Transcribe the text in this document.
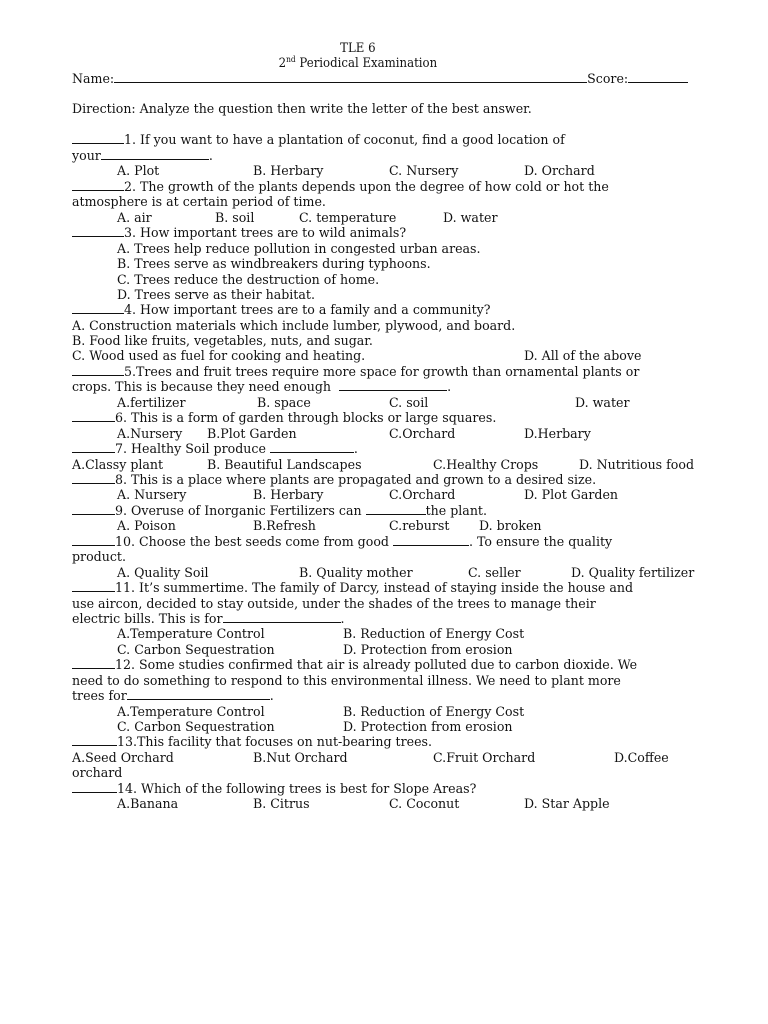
TLE 6
2nd Periodical Examination
Name:	Score:
Direction: Analyze the question then write the letter of the best answer.
1. If you want to have a plantation of coconut, find a good location of
your	.
A. Plot	B. Herbary	C. Nursery	D. Orchard
2. The growth of the plants depends upon the degree of how cold or hot the
atmosphere is at certain period of time.
A. air	B. soil	C. temperature	D. water
3. How important trees are to wild animals?
A. Trees help reduce pollution in congested urban areas.
B. Trees serve as windbreakers during typhoons.
C. Trees reduce the destruction of home.
D. Trees serve as their habitat.
4. How important trees are to a family and a community?
A. Construction materials which include lumber, plywood, and board.
B. Food like fruits, vegetables, nuts, and sugar.
C. Wood used as fuel for cooking and heating.	D. All of the above
5.Trees and fruit trees require more space for growth than ornamental plants or
crops. This is because they need enough	.
A.fertilizer	B. space	C. soil	D. water
6. This is a form of garden through blocks or large squares.
A.Nursery B.Plot Garden	C.Orchard	D.Herbary
7. Healthy Soil produce	.
A.Classy plant	B. Beautiful Landscapes	C.Healthy Crops	D. Nutritious food
8. This is a place where plants are propagated and grown to a desired size.
A. Nursery	B. Herbary	C.Orchard	D. Plot Garden
9. Overuse of Inorganic Fertilizers can	the plant.
A. Poison	B.Refresh	C.reburst D. broken
10. Choose the best seeds come from good	. To ensure the quality
product.
A. Quality Soil	B. Quality mother	C. seller	D. Quality fertilizer
11. It’s summertime. The family of Darcy, instead of staying inside the house and
use aircon, decided to stay outside, under the shades of the trees to manage their
electric bills. This is for	.
A.Temperature Control	B. Reduction of Energy Cost
C. Carbon Sequestration	D. Protection from erosion
12. Some studies confirmed that air is already polluted due to carbon dioxide. We
need to do something to respond to this environmental illness. We need to plant more
trees for	.
A.Temperature Control	B. Reduction of Energy Cost
C. Carbon Sequestration	D. Protection from erosion
13.This facility that focuses on nut-bearing trees.
A.Seed Orchard	B.Nut Orchard	C.Fruit Orchard	D.Coffee
orchard
14. Which of the following trees is best for Slope Areas?
A.Banana	B. Citrus	C. Coconut	D. Star Apple
